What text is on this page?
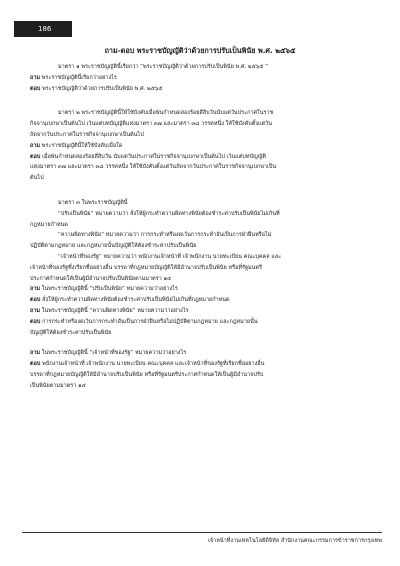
186
ถาม-ตอบ พระราชบัญญัติว่าด้วยการปรับเป็นพินัย พ.ศ. ๒๕๖๕

มาตรา ๑ พระราชบัญญัตินี้เรียกว่า “พระราชบัญญัติว่าด้วยการปรับเป็นพินัย พ.ศ. ๒๕๖๕ ”

ถาม พระราชบัญญัตินี้เรียกว่าอย่างไร

ตอบ พระราชบัญญัติว่าด้วยการปรับเป็นพินัย พ.ศ. ๒๕๖๕

มาตรา ๒ พระราชบัญญัตินี้ให้ใช้บังคับเมื่อพ้นกำหนดสองร้อยสี่สิบวันนับแต่วันประกาศในราช

กิจจานุเบกษาเป็นต้นไป เว้นแต่บทบัญญัติแห่งมาตรา ๓๗ และมาตรา ๓๘ วรรคหนึ่ง ให้ใช้บังคับตั้งแต่วัน

ถัดจากวันประกาศในราชกิจจานุเบกษาเป็นต้นไป

ถาม พระราชบัญญัตินี้ให้ใช้บังคับเมื่อใด

ตอบ เมื่อพ้นกำหนดสองร้อยสี่สิบวัน นับแต่วันประกาศในราชกิจจานุเบกษาเป็นต้นไป เว้นแต่บทบัญญัติ

แห่งมาตรา ๓๗ และมาตรา ๓๘ วรรคหนึ่ง ให้ใช้บังคับตั้งแต่วันถัดจากวันประกาศในราชกิจจานุเบกษาเป็น

ต้นไป

มาตรา ๓ ในพระราชบัญญัตินี้

“ปรับเป็นพินัย” หมายความว่า สั่งให้ผู้กระทำความผิดทางพินัยต้องชำระค่าปรับเป็นพินัยไม่เกินที่

กฎหมายกำหนด

“ความผิดทางพินัย” หมายความว่า การกระทำหรืองดเว้นการกระทำอันเป็นการฝ่าฝืนหรือไม่

ปฏิบัติตามกฎหมาย และกฎหมายนั้นบัญญัติให้ต้องชำระค่าปรับเป็นพินัย

“เจ้าหน้าที่ของรัฐ” หมายความว่า พนักงานเจ้าหน้าที่ เจ้าพนักงาน นายทะเบียน คณะบุคคล และ

เจ้าหน้าที่ของรัฐซึ่งเรียกชื่ออย่างอื่น บรรดาที่กฎหมายบัญญัติให้มีอำนาจปรับเป็นพินัย หรือที่รัฐมนตรี

ประกาศกำหนดให้เป็นผู้มีอำนาจปรับเป็นพินัยตามมาตรา ๑๔

ถาม ในพระราชบัญญัตินี้ “ปรับเป็นพินัย” หมายความว่าอย่างไร

ตอบ สั่งให้ผู้กระทำความผิดทางพินัยต้องชำระค่าปรับเป็นพินัยไม่เกินที่กฎหมายกำหนด

ถาม ในพระราชบัญญัตินี้ “ความผิดทางพินัย” หมายความว่าอย่างไร

ตอบ การกระทำหรืองดเว้นการกระทำอันเป็นการฝ่าฝืนหรือไม่ปฏิบัติตามกฎหมาย และกฎหมายนั้น

บัญญัติให้ต้องชำระค่าปรับเป็นพินัย

ถาม ในพระราชบัญญัตินี้ “เจ้าหน้าที่ของรัฐ” หมายความว่าอย่างไร

ตอบ พนักงานเจ้าหน้าที่ เจ้าพนักงาน นายทะเบียน คณะบุคคล และเจ้าหน้าที่ของรัฐที่เรียกชื่ออย่างอื่น

บรรดาที่กฎหมายบัญญัติให้มีอำนาจปรับเป็นพินัย หรือที่รัฐมนตรีประกาศกำหนดให้เป็นผู้มีอำนาจปรับ

เป็นพินัยตามมาตรา ๑๔

เจ้าหน้าที่งานเทคโนโลยีดิจิทัล สำนักงานคณะกรรมการข้าราชการกรุงเทพ
